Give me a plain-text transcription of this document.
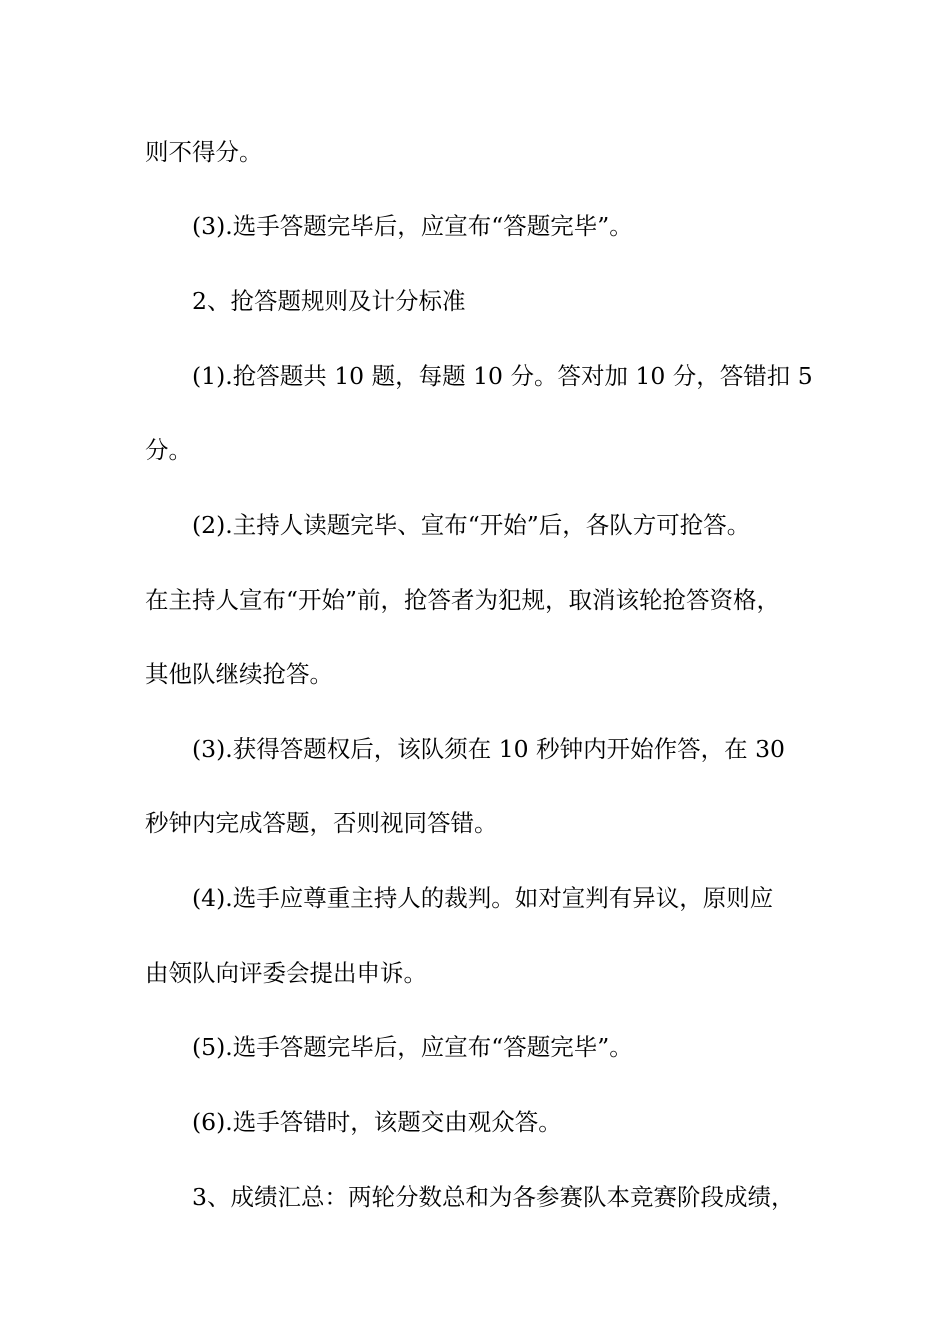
则不得分。
(3).选手答题完毕后，应宣布“答题完毕”。
2、抢答题规则及计分标准
(1).抢答题共 10 题，每题 10 分。答对加 10 分，答错扣 5
分。
(2).主持人读题完毕、宣布“开始”后，各队方可抢答。
在主持人宣布“开始”前，抢答者为犯规，取消该轮抢答资格，
其他队继续抢答。
(3).获得答题权后，该队须在 10 秒钟内开始作答，在 30
秒钟内完成答题，否则视同答错。
(4).选手应尊重主持人的裁判。如对宣判有异议，原则应
由领队向评委会提出申诉。
(5).选手答题完毕后，应宣布“答题完毕”。
(6).选手答错时，该题交由观众答。
3、成绩汇总：两轮分数总和为各参赛队本竞赛阶段成绩，
